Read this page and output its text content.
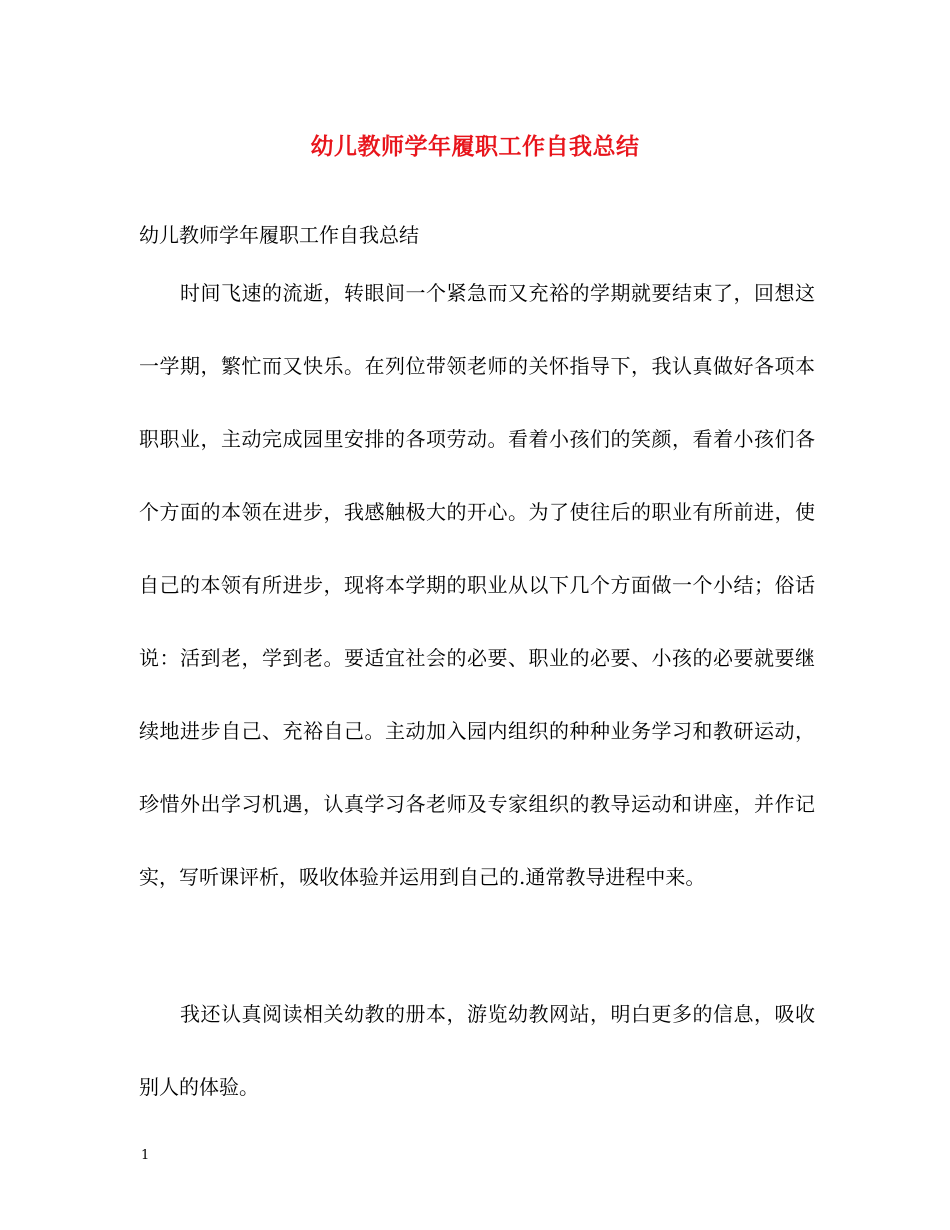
幼儿教师学年履职工作自我总结
幼儿教师学年履职工作自我总结

时间飞速的流逝，转眼间一个紧急而又充裕的学期就要结束了，回想这一学期，繁忙而又快乐。在列位带领老师的关怀指导下，我认真做好各项本职职业，主动完成园里安排的各项劳动。看着小孩们的笑颜，看着小孩们各个方面的本领在进步，我感触极大的开心。为了使往后的职业有所前进，使自己的本领有所进步，现将本学期的职业从以下几个方面做一个小结；俗话说：活到老，学到老。要适宜社会的必要、职业的必要、小孩的必要就要继续地进步自己、充裕自己。主动加入园内组织的种种业务学习和教研运动，珍惜外出学习机遇，认真学习各老师及专家组织的教导运动和讲座，并作记实，写听课评析，吸收体验并运用到自己的.通常教导进程中来。

我还认真阅读相关幼教的册本，游览幼教网站，明白更多的信息，吸收别人的体验。

1
